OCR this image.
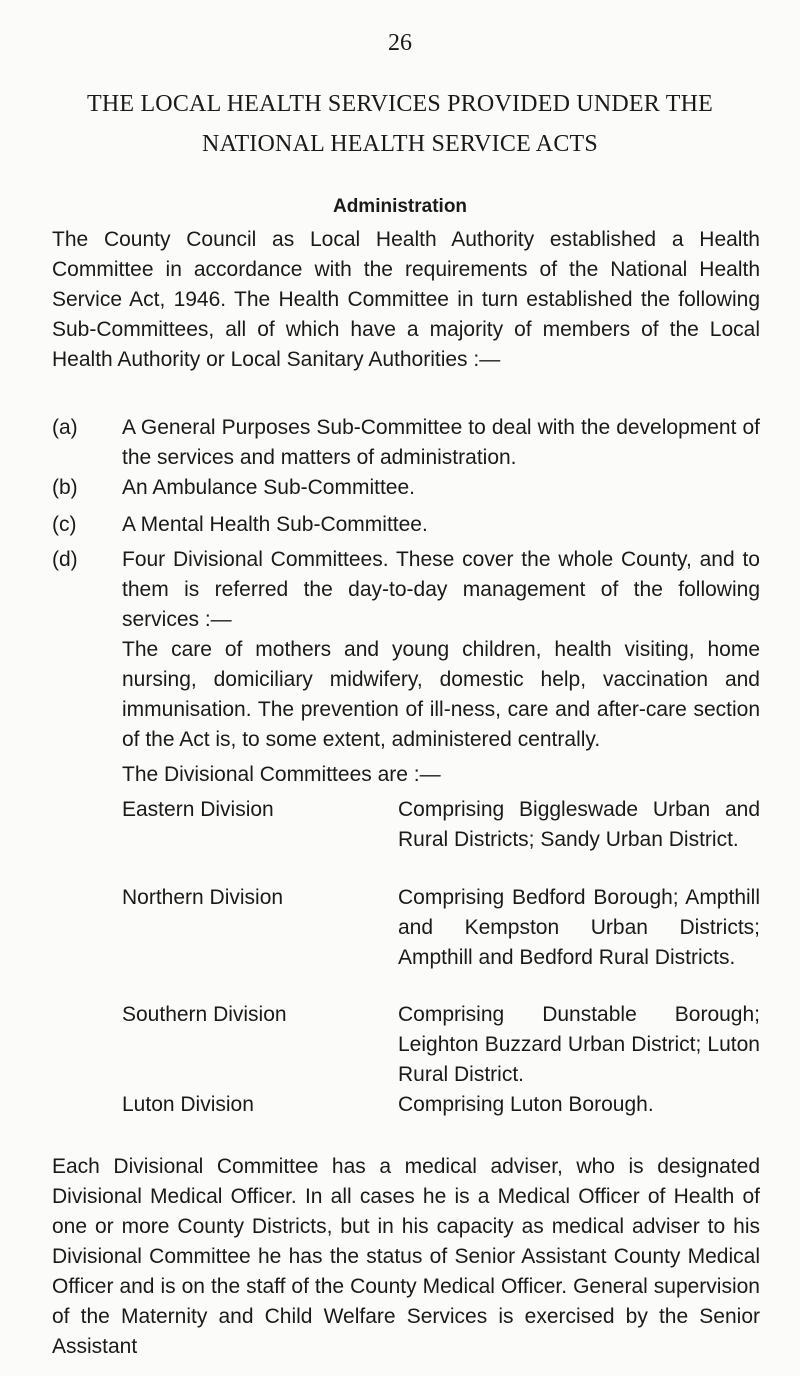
26
THE LOCAL HEALTH SERVICES PROVIDED UNDER THE
NATIONAL HEALTH SERVICE ACTS
Administration
The County Council as Local Health Authority established a Health Committee in accordance with the requirements of the National Health Service Act, 1946. The Health Committee in turn established the following Sub-Committees, all of which have a majority of members of the Local Health Authority or Local Sanitary Authorities :—
(a) A General Purposes Sub-Committee to deal with the development of the services and matters of administration.
(b) An Ambulance Sub-Committee.
(c) A Mental Health Sub-Committee.
(d) Four Divisional Committees. These cover the whole County, and to them is referred the day-to-day management of the following services :—
The care of mothers and young children, health visiting, home nursing, domiciliary midwifery, domestic help, vaccination and immunisation. The prevention of ill-ness, care and after-care section of the Act is, to some extent, administered centrally.
The Divisional Committees are :—
Eastern Division	Comprising Biggleswade Urban and Rural Districts; Sandy Urban District.
Northern Division	Comprising Bedford Borough; Ampthill and Kempston Urban Districts; Ampthill and Bedford Rural Districts.
Southern Division	Comprising Dunstable Borough; Leighton Buzzard Urban District; Luton Rural District.
Luton Division	Comprising Luton Borough.
Each Divisional Committee has a medical adviser, who is designated Divisional Medical Officer. In all cases he is a Medical Officer of Health of one or more County Districts, but in his capacity as medical adviser to his Divisional Committee he has the status of Senior Assistant County Medical Officer and is on the staff of the County Medical Officer. General supervision of the Maternity and Child Welfare Services is exercised by the Senior Assistant
